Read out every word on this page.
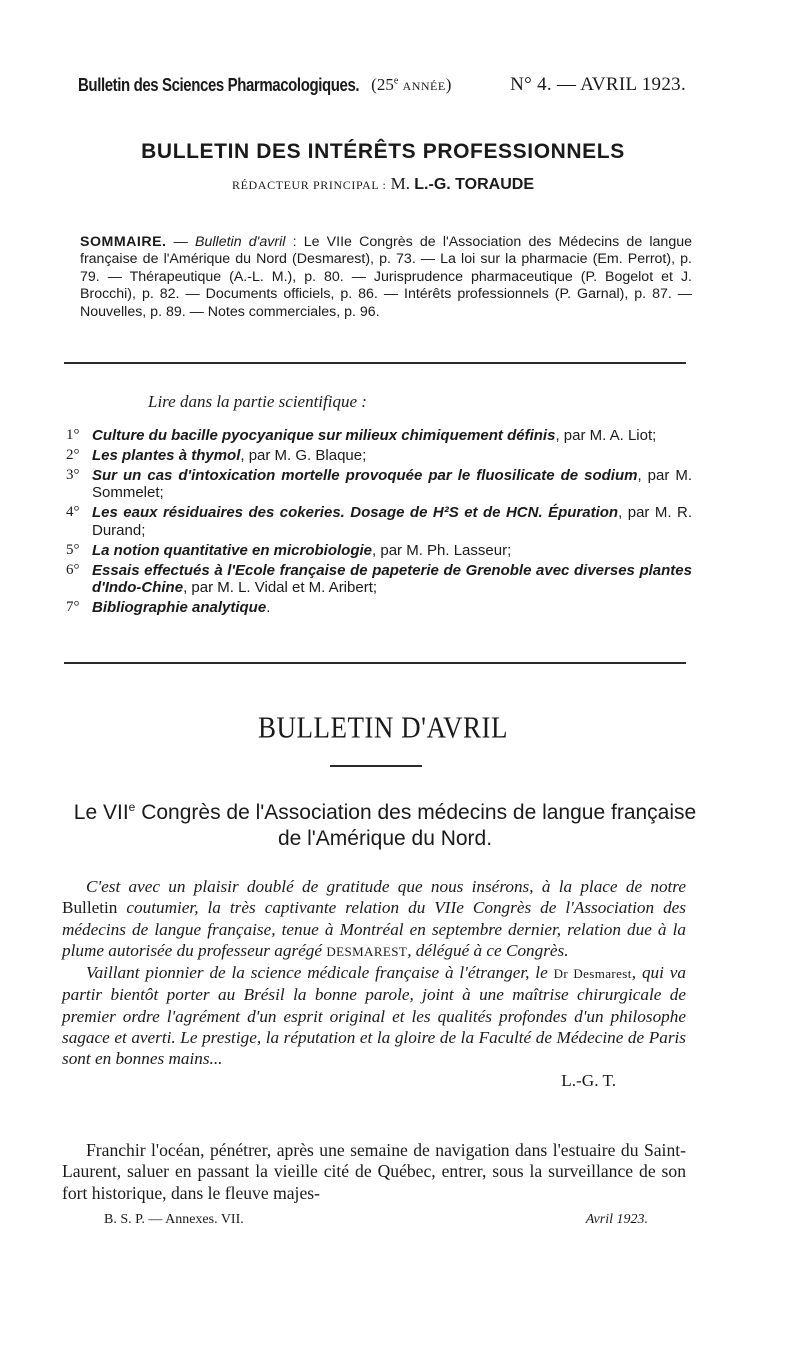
Bulletin des Sciences Pharmacologiques. (25e ANNÉE)	N° 4. — AVRIL 1923.
BULLETIN DES INTÉRÊTS PROFESSIONNELS
RÉDACTEUR PRINCIPAL : M. L.-G. TORAUDE
SOMMAIRE. — Bulletin d'avril : Le VIIe Congrès de l'Association des Médecins de langue française de l'Amérique du Nord (Desmarest), p. 73. — La loi sur la pharmacie (Em. Perrot), p. 79. — Thérapeutique (A.-L. M.), p. 80. — Jurisprudence pharmaceutique (P. Bogelot et J. Brocchi), p. 82. — Documents officiels, p. 86. — Intérêts professionnels (P. Garnal), p. 87. — Nouvelles, p. 89. — Notes commerciales, p. 96.
Lire dans la partie scientifique :
1° Culture du bacille pyocyanique sur milieux chimiquement définis, par M. A. Liot;
2° Les plantes à thymol, par M. G. Blaque;
3° Sur un cas d'intoxication mortelle provoquée par le fluosilicate de sodium, par M. Sommelet;
4° Les eaux résiduaires des cokeries. Dosage de H²S et de HCN. Épuration, par M. R. Durand;
5° La notion quantitative en microbiologie, par M. Ph. Lasseur;
6° Essais effectués à l'Ecole française de papeterie de Grenoble avec diverses plantes d'Indo-Chine, par M. L. Vidal et M. Aribert;
7° Bibliographie analytique.
BULLETIN D'AVRIL
Le VIIe Congrès de l'Association des médecins de langue française
de l'Amérique du Nord.

C'est avec un plaisir doublé de gratitude que nous insérons, à la place de notre Bulletin coutumier, la très captivante relation du VIIe Congrès de l'Association des médecins de langue française, tenue à Montréal en septembre dernier, relation due à la plume autorisée du professeur agrégé DESMAREST, délégué à ce Congrès.

Vaillant pionnier de la science médicale française à l'étranger, le Dr Desmarest, qui va partir bientôt porter au Brésil la bonne parole, joint à une maîtrise chirurgicale de premier ordre l'agrément d'un esprit original et les qualités profondes d'un philosophe sagace et averti. Le prestige, la réputation et la gloire de la Faculté de Médecine de Paris sont en bonnes mains...

L.-G. T.

Franchir l'océan, pénétrer, après une semaine de navigation dans l'estuaire du Saint-Laurent, saluer en passant la vieille cité de Québec, entrer, sous la surveillance de son fort historique, dans le fleuve majes-

B. S. P. — Annexes. VII.	Avril 1923.
